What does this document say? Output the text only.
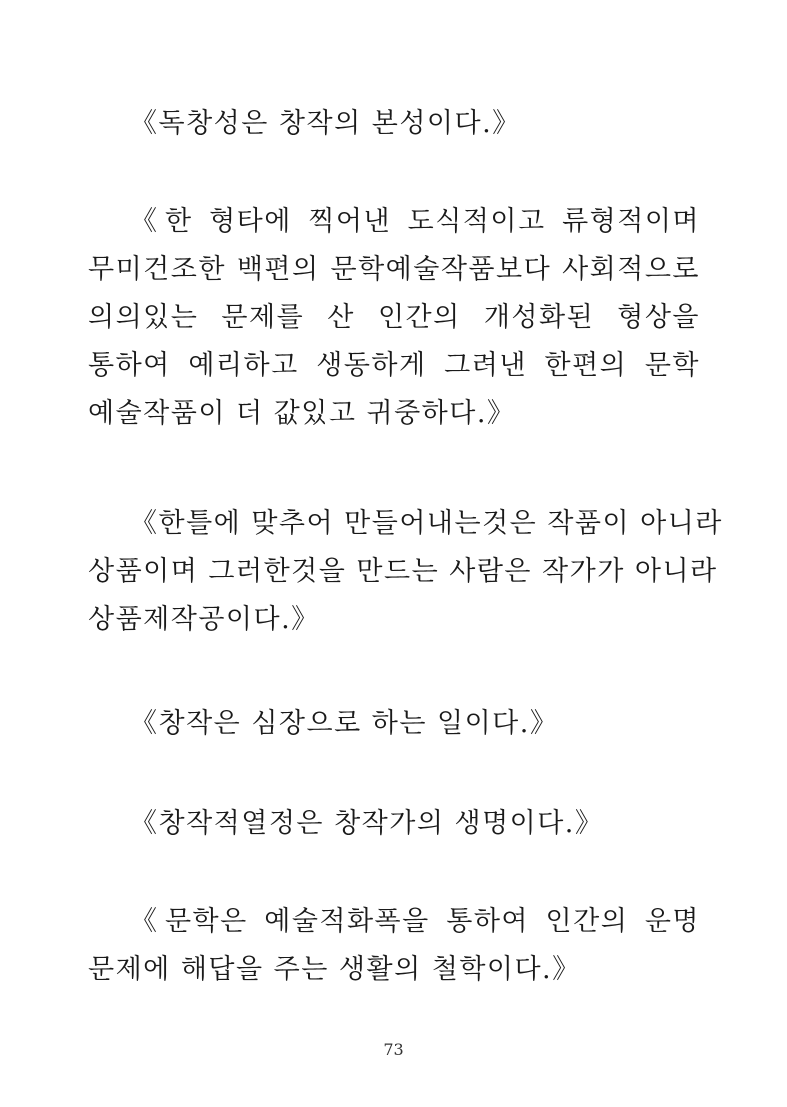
《독창성은 창작의 본성이다.》

《한 형타에 찍어낸 도식적이고 류형적이며
무미건조한 백편의 문학예술작품보다 사회적으로
의의있는 문제를 산 인간의 개성화된 형상을
통하여 예리하고 생동하게 그려낸 한편의 문학
예술작품이 더 값있고 귀중하다.》

《한틀에 맞추어 만들어내는것은 작품이 아니라
상품이며 그러한것을 만드는 사람은 작가가 아니라
상품제작공이다.》

《창작은 심장으로 하는 일이다.》

《창작적열정은 창작가의 생명이다.》

《문학은 예술적화폭을 통하여 인간의 운명
문제에 해답을 주는 생활의 철학이다.》

73
